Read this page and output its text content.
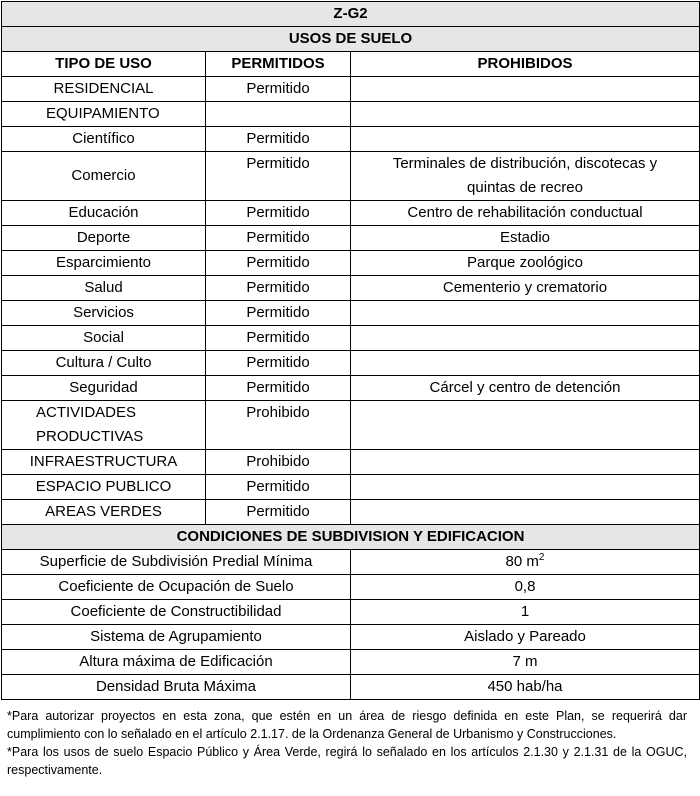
Z-G2		
USOS DE SUELO		
TIPO DE USO	PERMITIDOS	PROHIBIDOS
RESIDENCIAL	Permitido	
EQUIPAMIENTO		
Científico	Permitido	
Comercio	Permitido	Terminales de distribución, discotecas y quintas de recreo
Educación	Permitido	Centro de rehabilitación conductual
Deporte	Permitido	Estadio
Esparcimiento	Permitido	Parque zoológico
Salud	Permitido	Cementerio y crematorio
Servicios	Permitido	
Social	Permitido	
Cultura / Culto	Permitido	
Seguridad	Permitido	Cárcel y centro de detención
ACTIVIDADES PRODUCTIVAS	Prohibido	
INFRAESTRUCTURA	Prohibido	
ESPACIO PUBLICO	Permitido	
AREAS VERDES	Permitido	
CONDICIONES DE SUBDIVISION Y EDIFICACION		
Superficie de Subdivisión Predial Mínima		80 $m^2$
Coeficiente de Ocupación de Suelo		0,8
Coeficiente de Constructibilidad		1
Sistema de Agrupamiento		Aislado y Pareado
Altura máxima de Edificación		7 m
Densidad Bruta Máxima		450 hab/ha

*Para autorizar proyectos en esta zona, que estén en un área de riesgo definida en este Plan, se requerirá dar cumplimiento con lo señalado en el artículo 2.1.17. de la Ordenanza General de Urbanismo y Construcciones.

*Para los usos de suelo Espacio Público y Área Verde, regirá lo señalado en los artículos 2.1.30 y 2.1.31 de la OGUC, respectivamente.
